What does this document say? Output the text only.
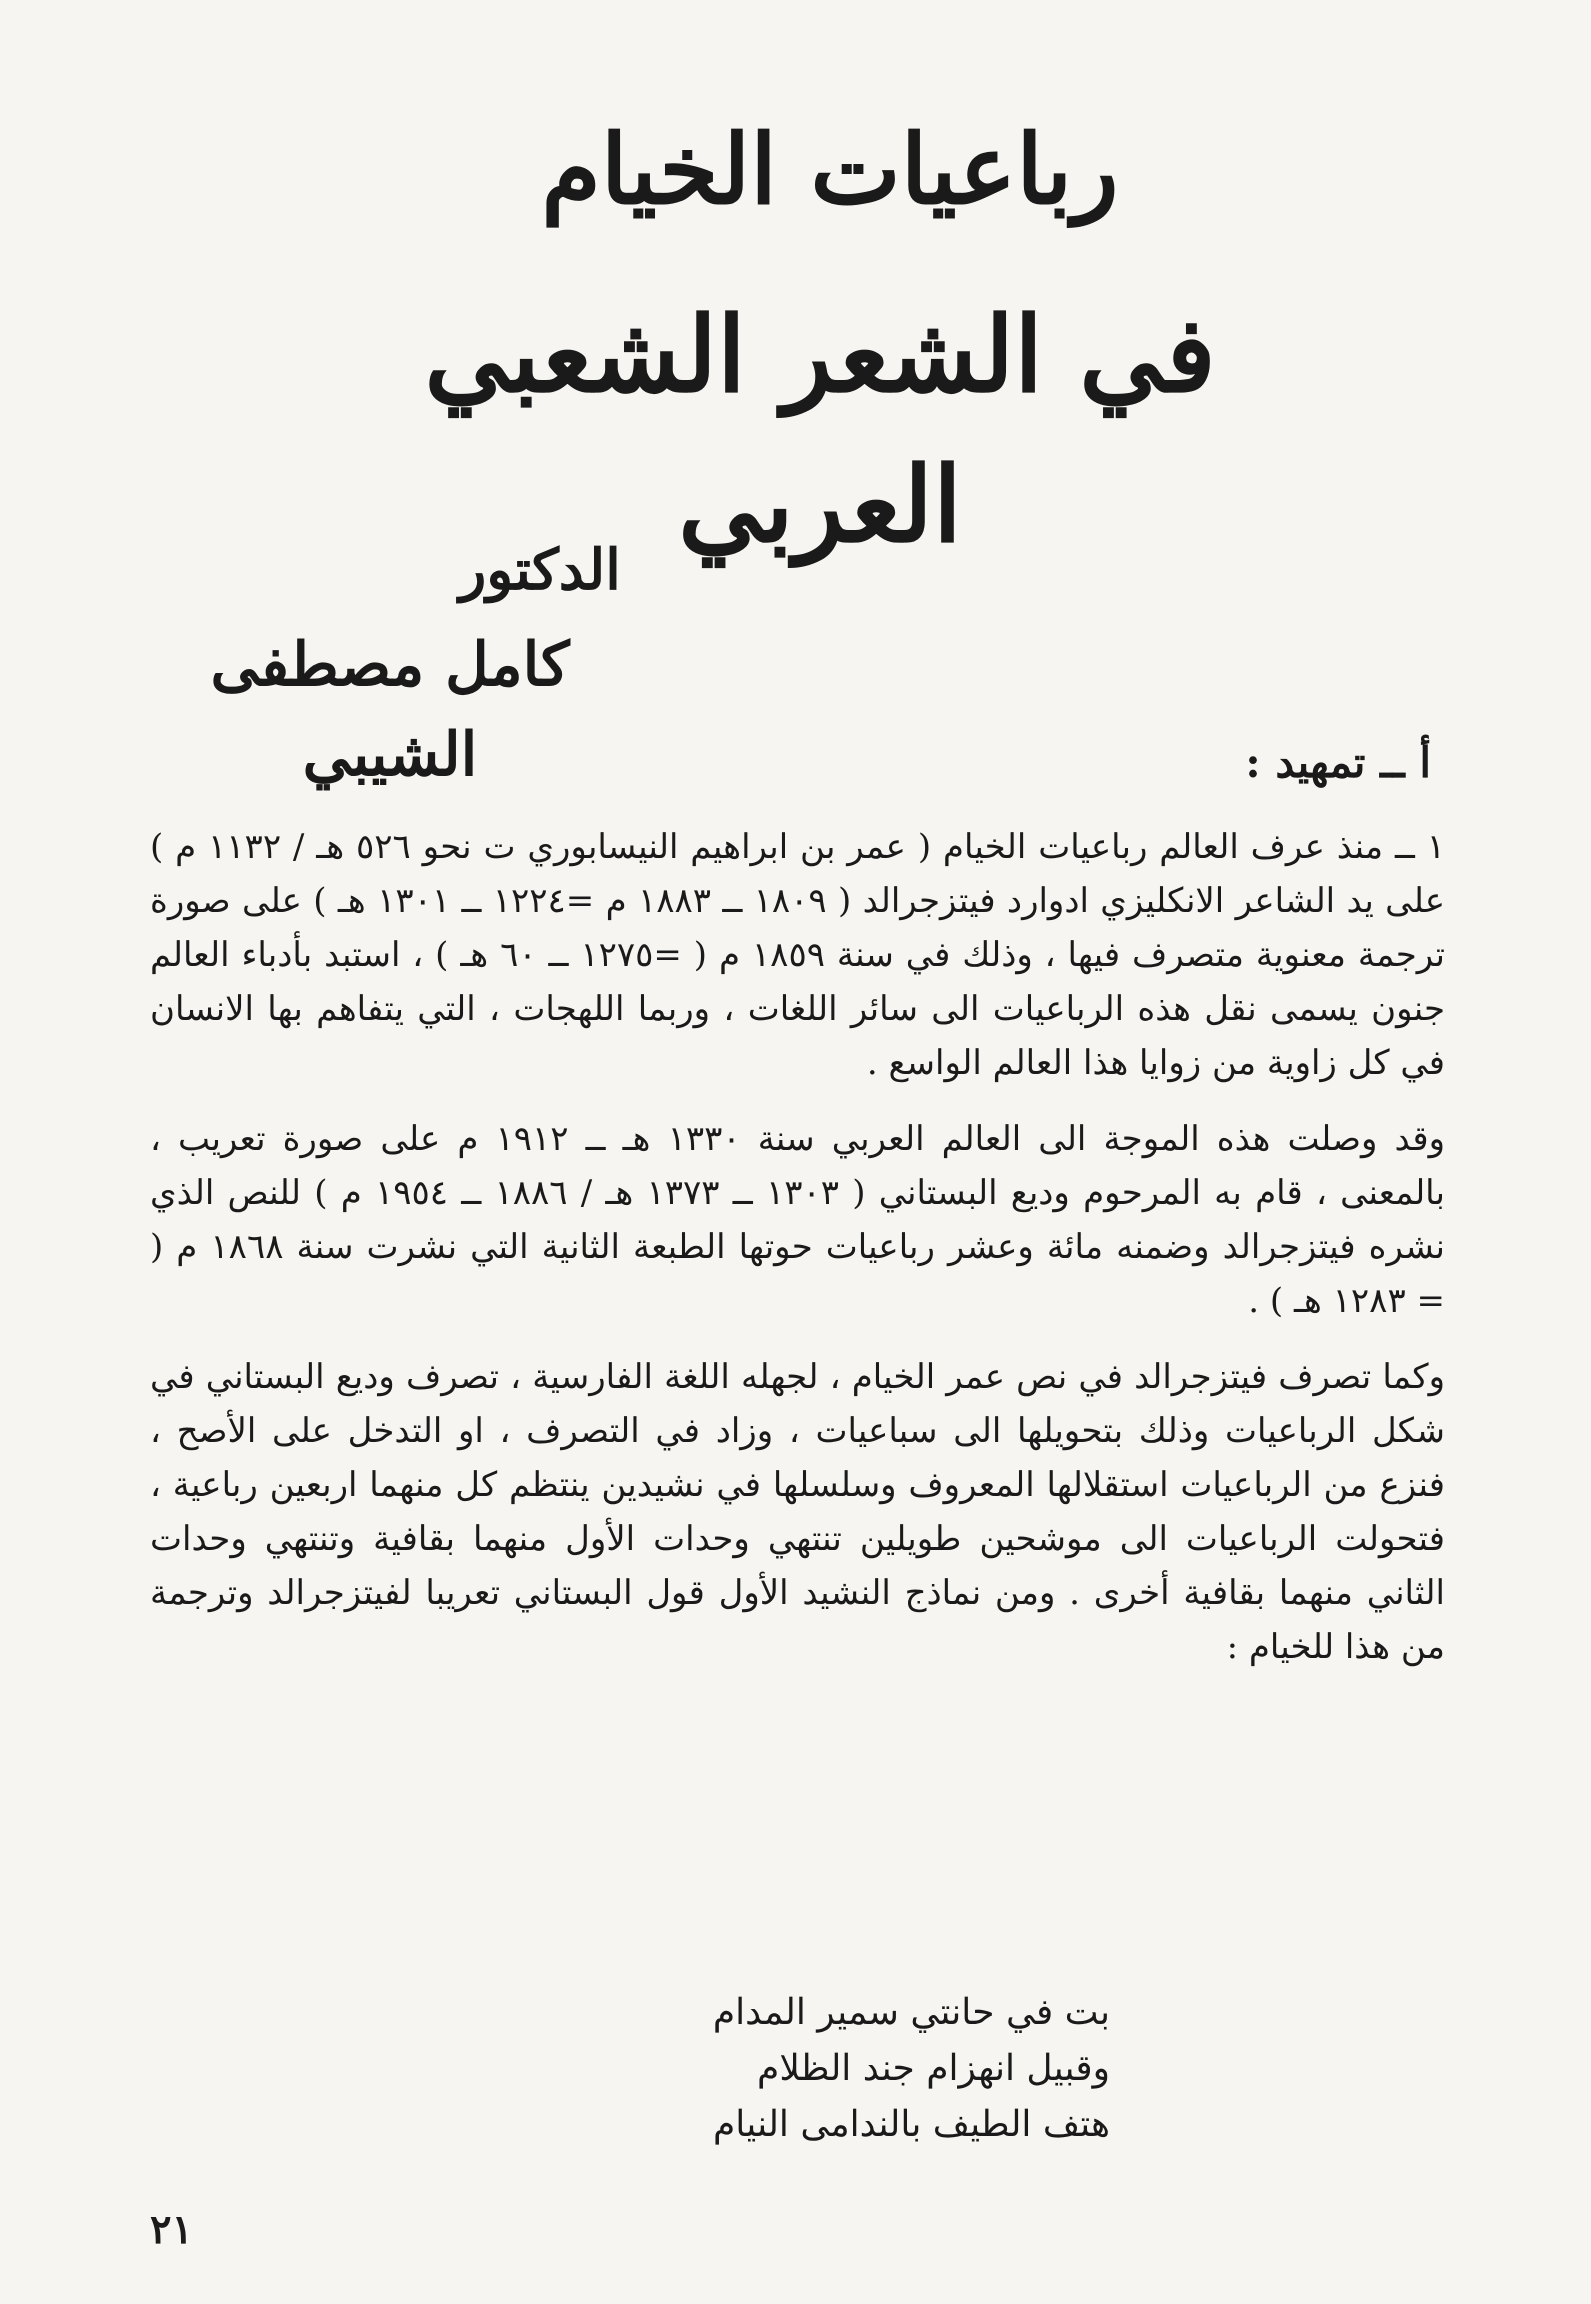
رباعيات الخيام
في الشعر الشعبي العربي
الدكتور
كامل مصطفى الشيبي	أ ــ تمهيد :

١ ــ منذ عرف العالم رباعيات الخيام ( عمر بن ابراهيم النيسابوري ت نحو ٥٢٦ هـ / ١١٣٢ م ) على يد الشاعر الانكليزي ادوارد فيتزجرالد ( ١٨٠٩ ــ ١٨٨٣ م =١٢٢٤ ــ ١٣٠١ هـ ) على صورة ترجمة معنوية متصرف فيها ، وذلك في سنة ١٨٥٩ م ( =١٢٧٥ ــ ٦٠ هـ ) ، استبد بأدباء العالم جنون يسمى نقل هذه الرباعيات الى سائر اللغات ، وربما اللهجات ، التي يتفاهم بها الانسان في كل زاوية من زوايا هذا العالم الواسع .

وقد وصلت هذه الموجة الى العالم العربي سنة ١٣٣٠ هـ ــ ١٩١٢ م على صورة تعريب ، بالمعنى ، قام به المرحوم وديع البستاني ( ١٣٠٣ ــ ١٣٧٣ هـ / ١٨٨٦ ــ ١٩٥٤ م ) للنص الذي نشره فيتزجرالد وضمنه مائة وعشر رباعيات حوتها الطبعة الثانية التي نشرت سنة ١٨٦٨ م ( = ١٢٨٣ هـ ) .

وكما تصرف فيتزجرالد في نص عمر الخيام ، لجهله اللغة الفارسية ، تصرف وديع البستاني في شكل الرباعيات وذلك بتحويلها الى سباعيات ، وزاد في التصرف ، او التدخل على الأصح ، فنزع من الرباعيات استقلالها المعروف وسلسلها في نشيدين ينتظم كل منهما اربعين رباعية ، فتحولت الرباعيات الى موشحين طويلين تنتهي وحدات الأول منهما بقافية وتنتهي وحدات الثاني منهما بقافية أخرى . ومن نماذج النشيد الأول قول البستاني تعريبا لفيتزجرالد وترجمة من هذا للخيام :

بت في حانتي سمير المدام
وقبيل انهزام جند الظلام
هتف الطيف بالندامى النيام
٢١
